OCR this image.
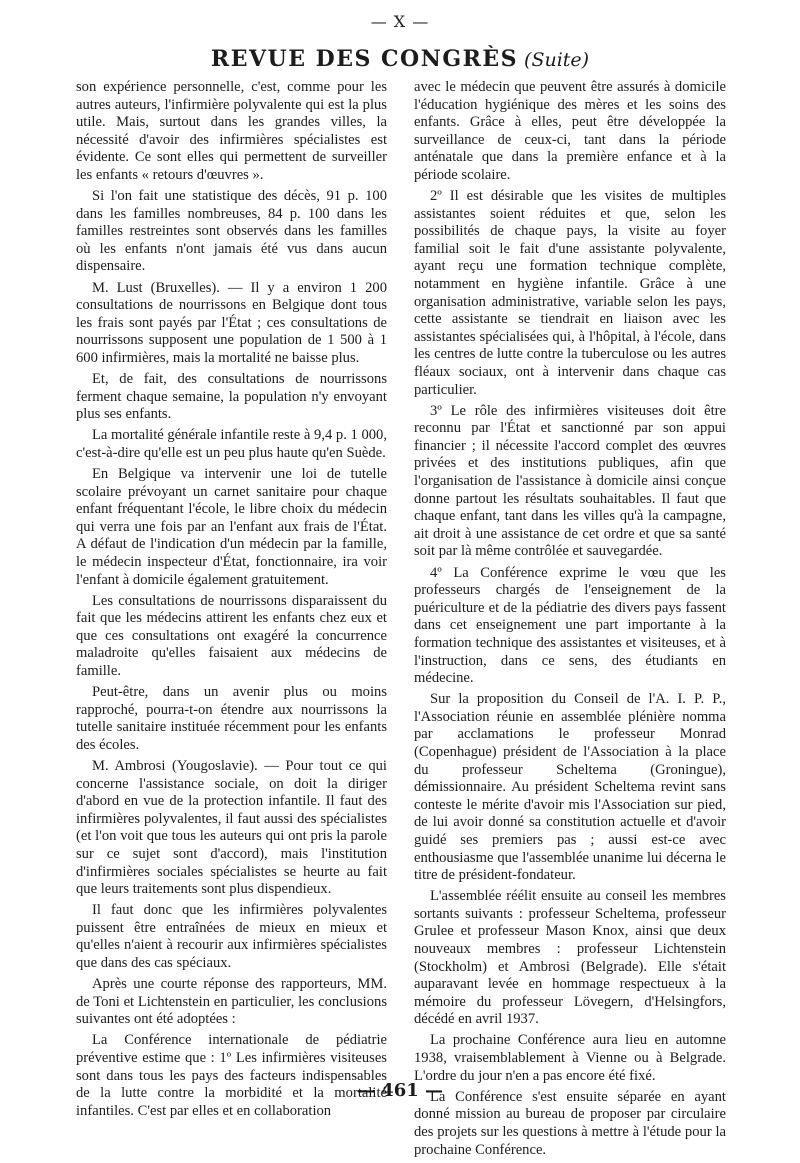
— X —
REVUE DES CONGRÈS (Suite)

son expérience personnelle, c'est, comme pour les autres auteurs, l'infirmière polyvalente qui est la plus utile. Mais, surtout dans les grandes villes, la nécessité d'avoir des infirmières spécialistes est évidente. Ce sont elles qui permettent de surveiller les enfants « retours d'œuvres ».

Si l'on fait une statistique des décès, 91 p. 100 dans les familles nombreuses, 84 p. 100 dans les familles restreintes sont observés dans les familles où les enfants n'ont jamais été vus dans aucun dispensaire.

M. Lust (Bruxelles). — Il y a environ 1 200 consultations de nourrissons en Belgique dont tous les frais sont payés par l'État ; ces consultations de nourrissons supposent une population de 1 500 à 1 600 infirmières, mais la mortalité ne baisse plus.

Et, de fait, des consultations de nourrissons ferment chaque semaine, la population n'y envoyant plus ses enfants.

La mortalité générale infantile reste à 9,4 p. 1 000, c'est-à-dire qu'elle est un peu plus haute qu'en Suède.

En Belgique va intervenir une loi de tutelle scolaire prévoyant un carnet sanitaire pour chaque enfant fréquentant l'école, le libre choix du médecin qui verra une fois par an l'enfant aux frais de l'État. A défaut de l'indication d'un médecin par la famille, le médecin inspecteur d'État, fonctionnaire, ira voir l'enfant à domicile également gratuitement.

Les consultations de nourrissons disparaissent du fait que les médecins attirent les enfants chez eux et que ces consultations ont exagéré la concurrence maladroite qu'elles faisaient aux médecins de famille.

Peut-être, dans un avenir plus ou moins rapproché, pourra-t-on étendre aux nourrissons la tutelle sanitaire instituée récemment pour les enfants des écoles.

M. Ambrosi (Yougoslavie). — Pour tout ce qui concerne l'assistance sociale, on doit la diriger d'abord en vue de la protection infantile. Il faut des infirmières polyvalentes, il faut aussi des spécialistes (et l'on voit que tous les auteurs qui ont pris la parole sur ce sujet sont d'accord), mais l'institution d'infirmières sociales spécialistes se heurte au fait que leurs traitements sont plus dispendieux.

Il faut donc que les infirmières polyvalentes puissent être entraînées de mieux en mieux et qu'elles n'aient à recourir aux infirmières spécialistes que dans des cas spéciaux.

Après une courte réponse des rapporteurs, MM. de Toni et Lichtenstein en particulier, les conclusions suivantes ont été adoptées :

La Conférence internationale de pédiatrie préventive estime que : 1º Les infirmières visiteuses sont dans tous les pays des facteurs indispensables de la lutte contre la morbidité et la mortalité infantiles. C'est par elles et en collaboration

avec le médecin que peuvent être assurés à domicile l'éducation hygiénique des mères et les soins des enfants. Grâce à elles, peut être développée la surveillance de ceux-ci, tant dans la période anténatale que dans la première enfance et à la période scolaire.

2º Il est désirable que les visites de multiples assistantes soient réduites et que, selon les possibilités de chaque pays, la visite au foyer familial soit le fait d'une assistante polyvalente, ayant reçu une formation technique complète, notamment en hygiène infantile. Grâce à une organisation administrative, variable selon les pays, cette assistante se tiendrait en liaison avec les assistantes spécialisées qui, à l'hôpital, à l'école, dans les centres de lutte contre la tuberculose ou les autres fléaux sociaux, ont à intervenir dans chaque cas particulier.

3º Le rôle des infirmières visiteuses doit être reconnu par l'État et sanctionné par son appui financier ; il nécessite l'accord complet des œuvres privées et des institutions publiques, afin que l'organisation de l'assistance à domicile ainsi conçue donne partout les résultats souhaitables. Il faut que chaque enfant, tant dans les villes qu'à la campagne, ait droit à une assistance de cet ordre et que sa santé soit par là même contrôlée et sauvegardée.

4º La Conférence exprime le vœu que les professeurs chargés de l'enseignement de la puériculture et de la pédiatrie des divers pays fassent dans cet enseignement une part importante à la formation technique des assistantes et visiteuses, et à l'instruction, dans ce sens, des étudiants en médecine.

Sur la proposition du Conseil de l'A. I. P. P., l'Association réunie en assemblée plénière nomma par acclamations le professeur Monrad (Copenhague) président de l'Association à la place du professeur Scheltema (Groningue), démissionnaire. Au président Scheltema revint sans conteste le mérite d'avoir mis l'Association sur pied, de lui avoir donné sa constitution actuelle et d'avoir guidé ses premiers pas ; aussi est-ce avec enthousiasme que l'assemblée unanime lui décerna le titre de président-fondateur.

L'assemblée réélit ensuite au conseil les membres sortants suivants : professeur Scheltema, professeur Grulee et professeur Mason Knox, ainsi que deux nouveaux membres : professeur Lichtenstein (Stockholm) et Ambrosi (Belgrade). Elle s'était auparavant levée en hommage respectueux à la mémoire du professeur Lövegern, d'Helsingfors, décédé en avril 1937.

La prochaine Conférence aura lieu en automne 1938, vraisemblablement à Vienne ou à Belgrade. L'ordre du jour n'en a pas encore été fixé.

La Conférence s'est ensuite séparée en ayant donné mission au bureau de proposer par circulaire des projets sur les questions à mettre à l'étude pour la prochaine Conférence.

— 461 —
